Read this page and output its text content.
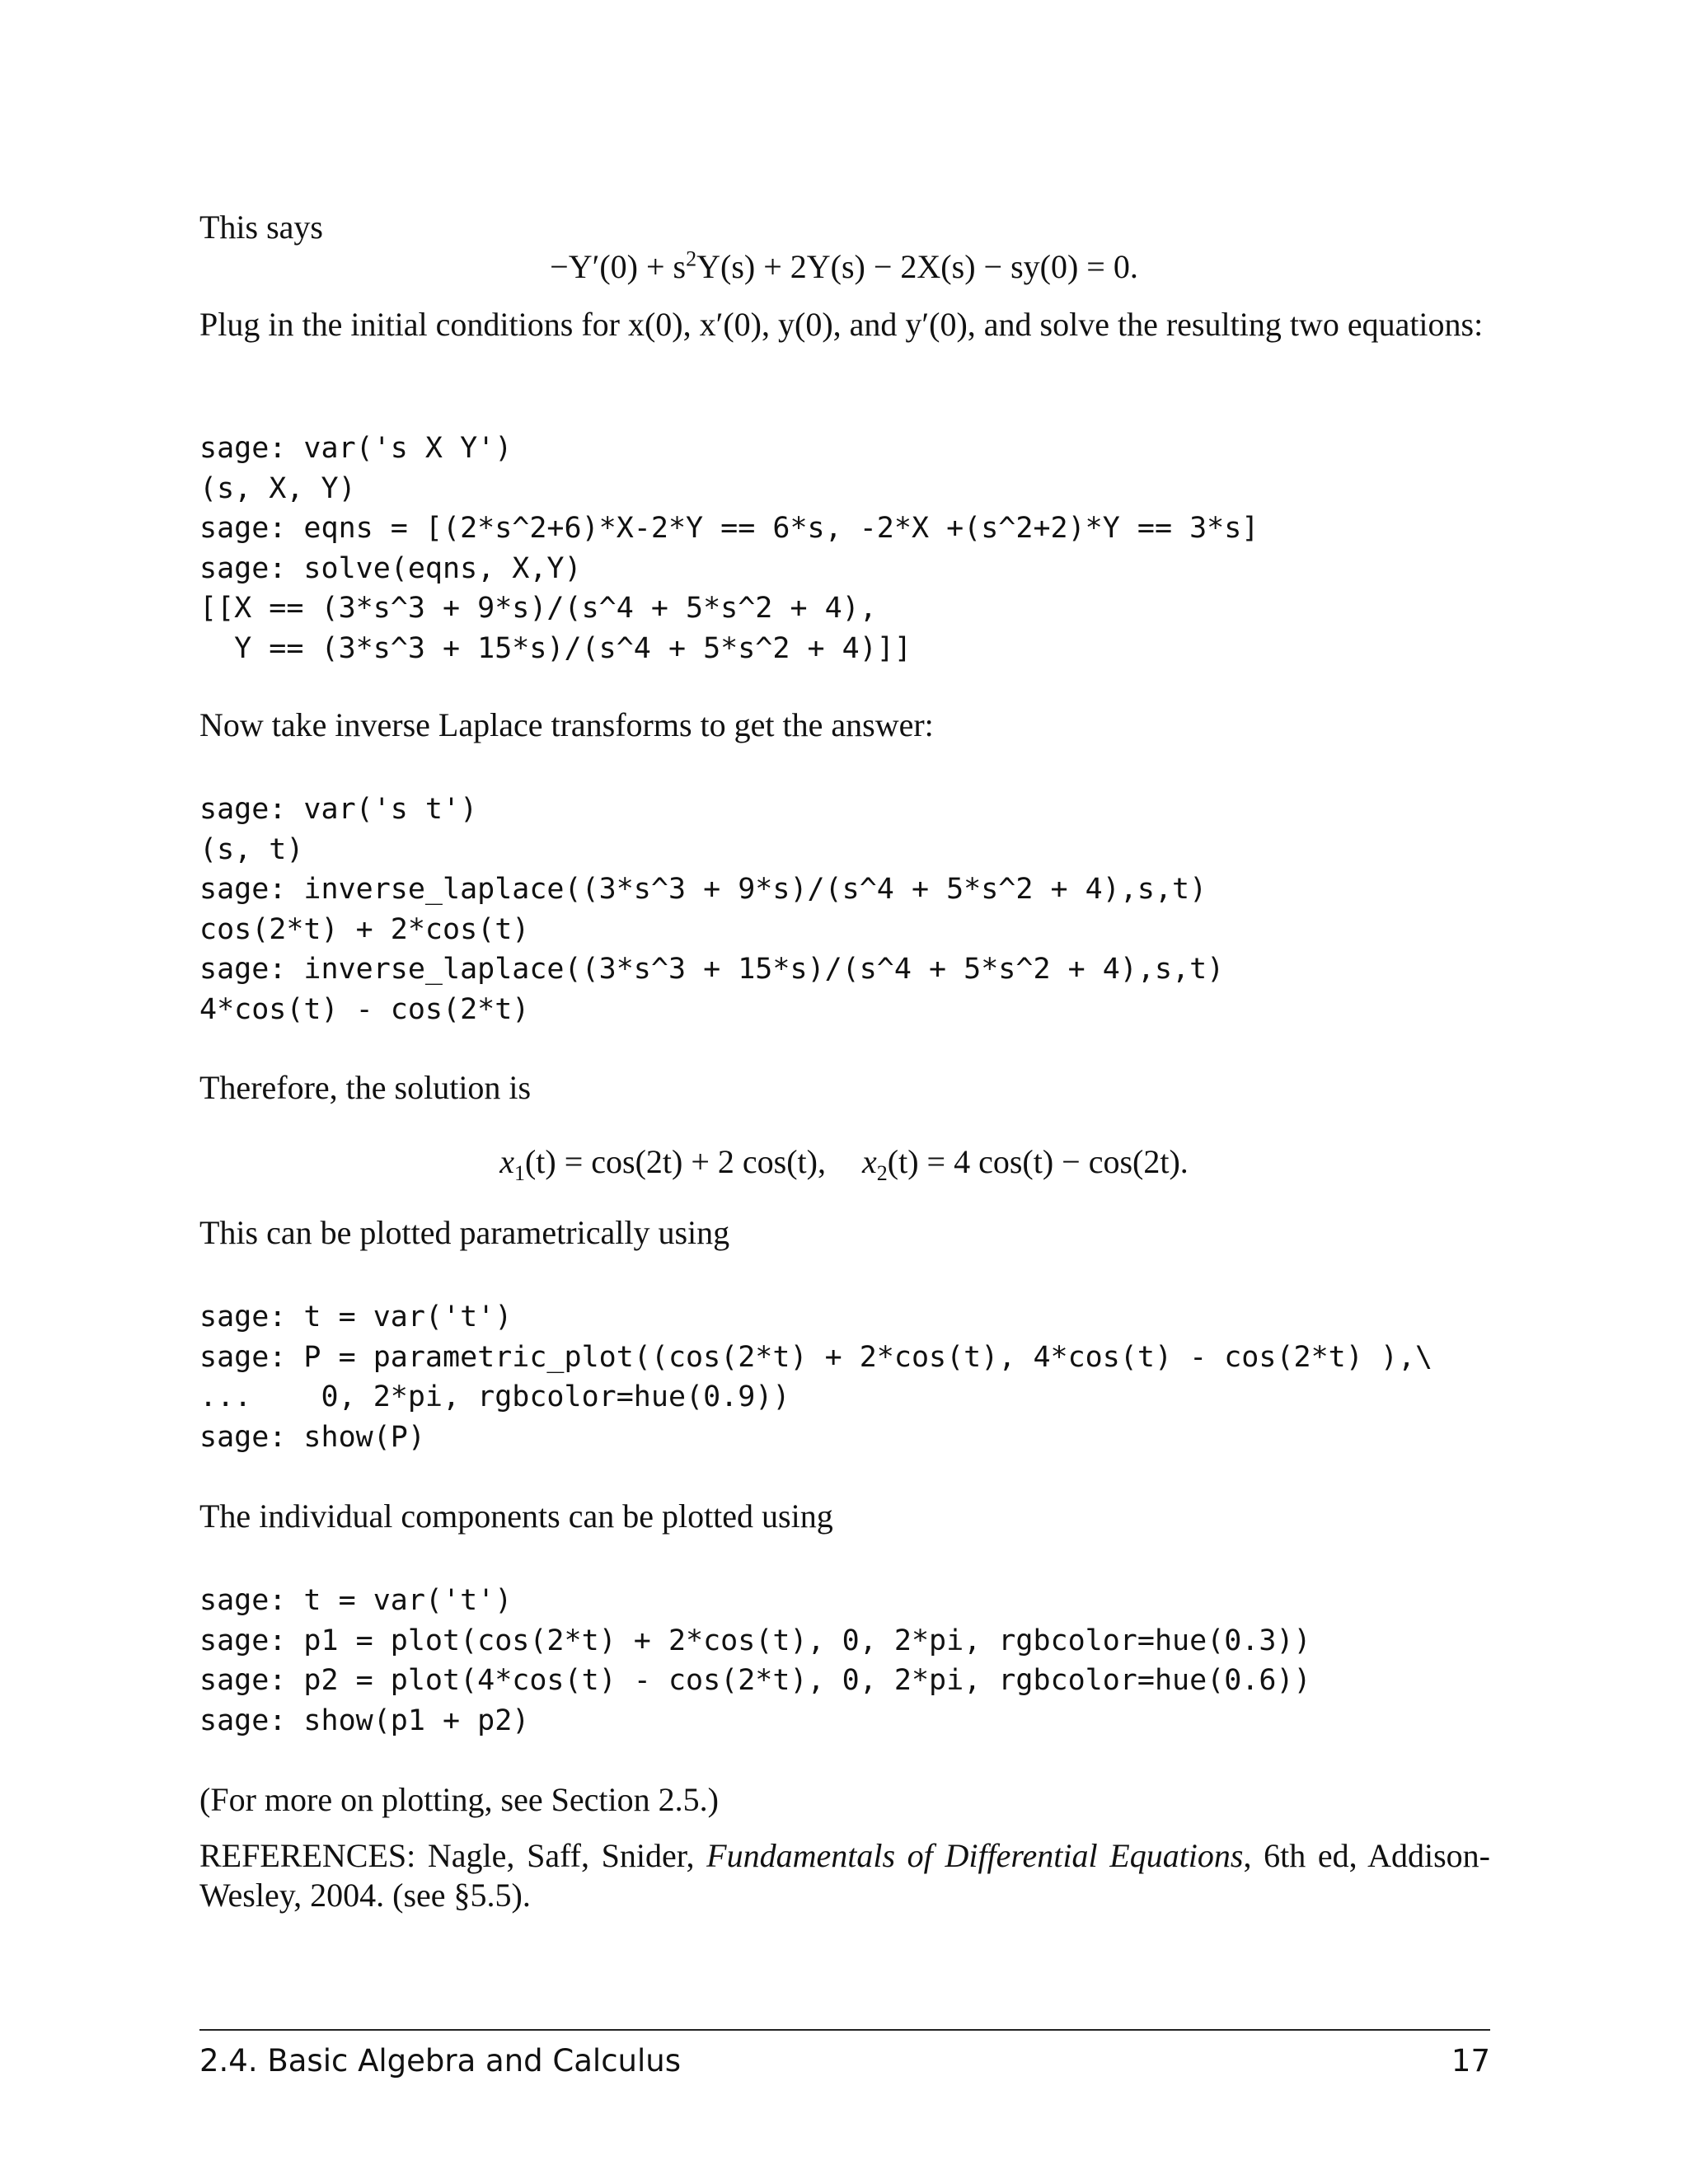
This says

$-Y'(0) + s^2Y(s) + 2Y(s) - 2X(s) - sy(0) = 0$.

Plug in the initial conditions for x(0), x′(0), y(0), and y′(0), and solve the resulting two equations:

sage: var('s X Y')
(s, X, Y)
sage: eqns = [(2*s^2+6)*X-2*Y == 6*s, -2*X +(s^2+2)*Y == 3*s]
sage: solve(eqns, X,Y)
[[X == (3*s^3 + 9*s)/(s^4 + 5*s^2 + 4),
Y == (3*s^3 + 15*s)/(s^4 + 5*s^2 + 4)]]

Now take inverse Laplace transforms to get the answer:

sage: var('s t')
(s, t)
sage: inverse_laplace((3*s^3 + 9*s)/(s^4 + 5*s^2 + 4),s,t)
cos(2*t) + 2*cos(t)
sage: inverse_laplace((3*s^3 + 15*s)/(s^4 + 5*s^2 + 4),s,t)
4*cos(t) - cos(2*t)

Therefore, the solution is

$x_1(t) = \cos(2t) + 2$ cos(t), $x_2(t) = 4$ cos(t) − cos(2t).

This can be plotted parametrically using

sage: t = var('t')
sage: P = parametric_plot((cos(2*t) + 2*cos(t), 4*cos(t) - cos(2*t) ),\
...    0, 2*pi, rgbcolor=hue(0.9))
sage: show(P)

The individual components can be plotted using

sage: t = var('t')
sage: p1 = plot(cos(2*t) + 2*cos(t), 0, 2*pi, rgbcolor=hue(0.3))
sage: p2 = plot(4*cos(t) - cos(2*t), 0, 2*pi, rgbcolor=hue(0.6))
sage: show(p1 + p2)

(For more on plotting, see Section 2.5.)

REFERENCES: Nagle, Saff, Snider, Fundamentals of Differential Equations, 6th ed, Addison-Wesley, 2004. (see §5.5).

2.4. Basic Algebra and Calculus	17
